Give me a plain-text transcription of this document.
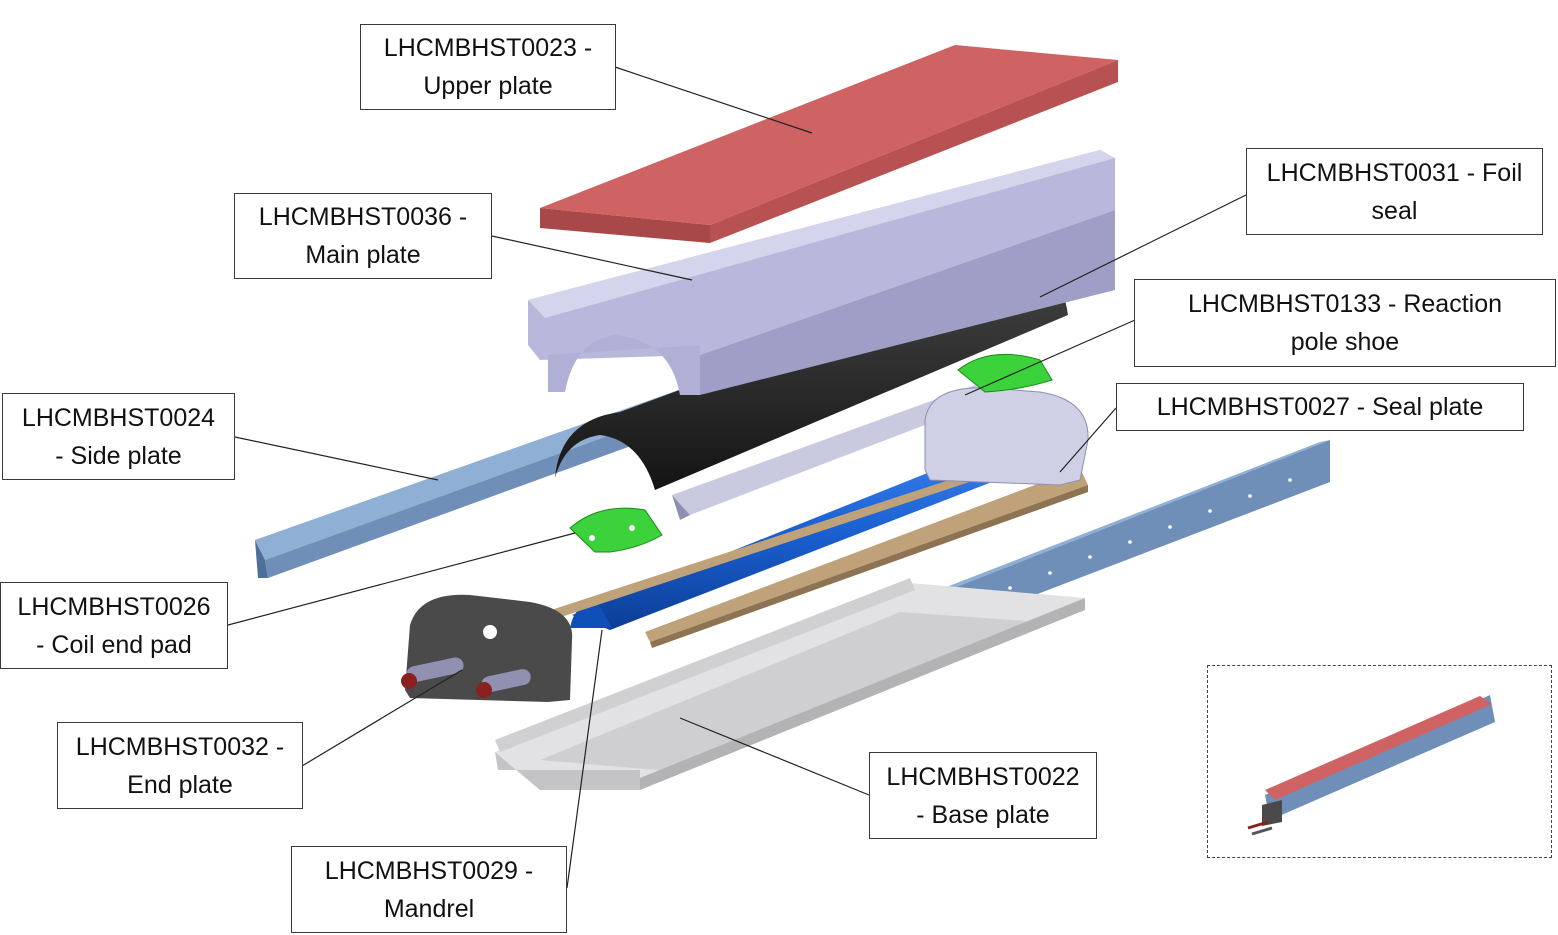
LHCMBHST0023 -
Upper plate
LHCMBHST0036 -
Main plate
LHCMBHST0031 - Foil
seal
LHCMBHST0133 - Reaction
pole shoe
LHCMBHST0027 - Seal plate
LHCMBHST0024
- Side plate
LHCMBHST0026
- Coil end pad
LHCMBHST0032 -
End plate	LHCMBHST0022
- Base plate
LHCMBHST0029 -
Mandrel
